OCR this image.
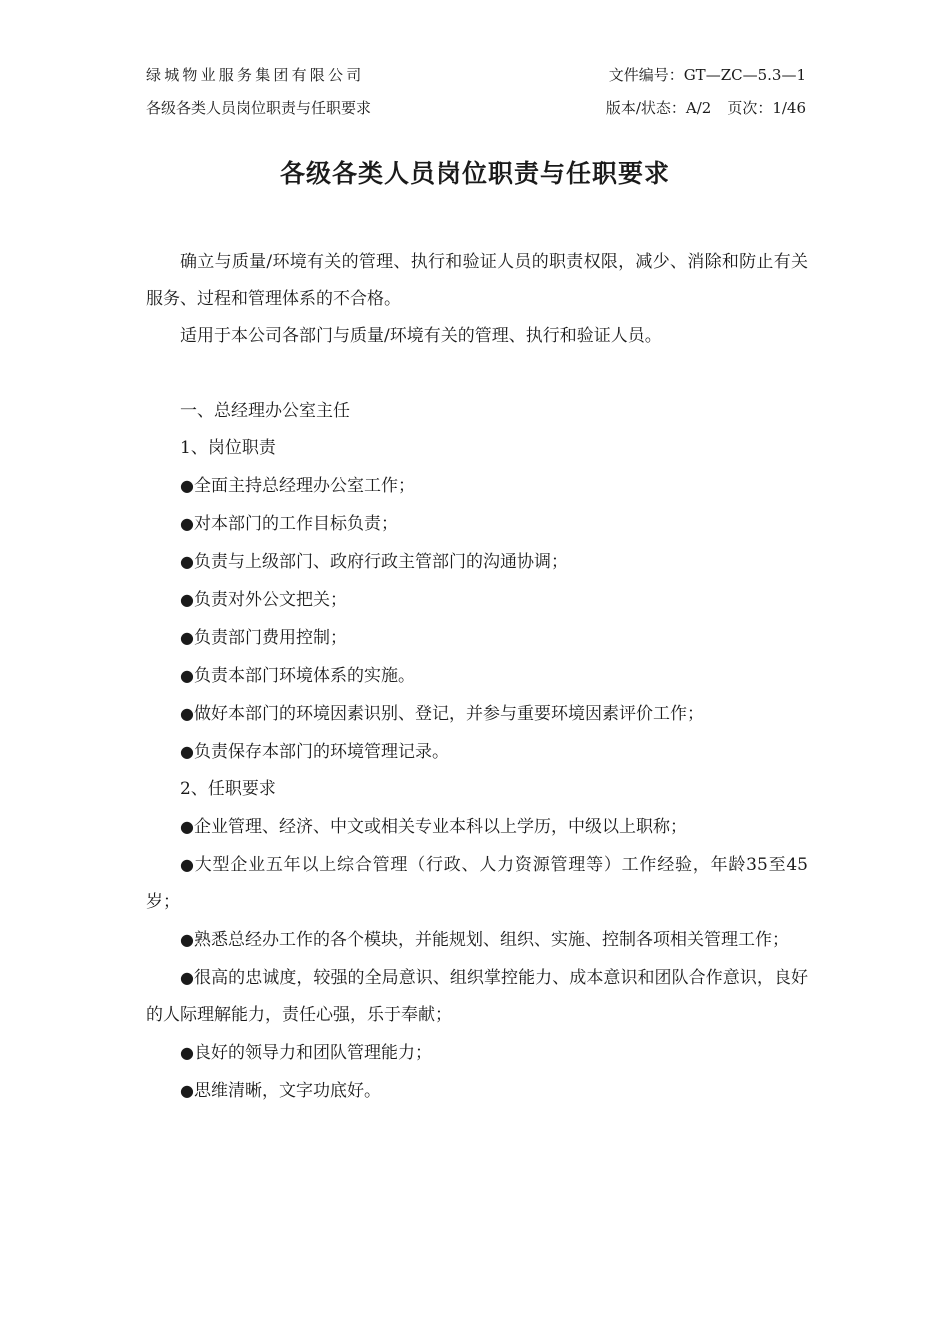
绿城物业服务集团有限公司
各级各类人员岗位职责与任职要求
文件编号：GT—ZC—5.3—1
版本/状态：A/2 页次：1/46
各级各类人员岗位职责与任职要求

确立与质量/环境有关的管理、执行和验证人员的职责权限，减少、消除和防止有关服务、过程和管理体系的不合格。

适用于本公司各部门与质量/环境有关的管理、执行和验证人员。

一、总经理办公室主任

1、岗位职责

● 全面主持总经理办公室工作；

● 对本部门的工作目标负责；

● 负责与上级部门、政府行政主管部门的沟通协调；

● 负责对外公文把关；

● 负责部门费用控制；

● 负责本部门环境体系的实施。

● 做好本部门的环境因素识别、登记，并参与重要环境因素评价工作；

● 负责保存本部门的环境管理记录。

2、任职要求

● 企业管理、经济、中文或相关专业本科以上学历，中级以上职称；

● 大型企业五年以上综合管理（行政、人力资源管理等）工作经验，年龄35至45岁；

● 熟悉总经办工作的各个模块，并能规划、组织、实施、控制各项相关管理工作；

● 很高的忠诚度，较强的全局意识、组织掌控能力、成本意识和团队合作意识，良好的人际理解能力，责任心强，乐于奉献；

● 良好的领导力和团队管理能力；

● 思维清晰，文字功底好。
